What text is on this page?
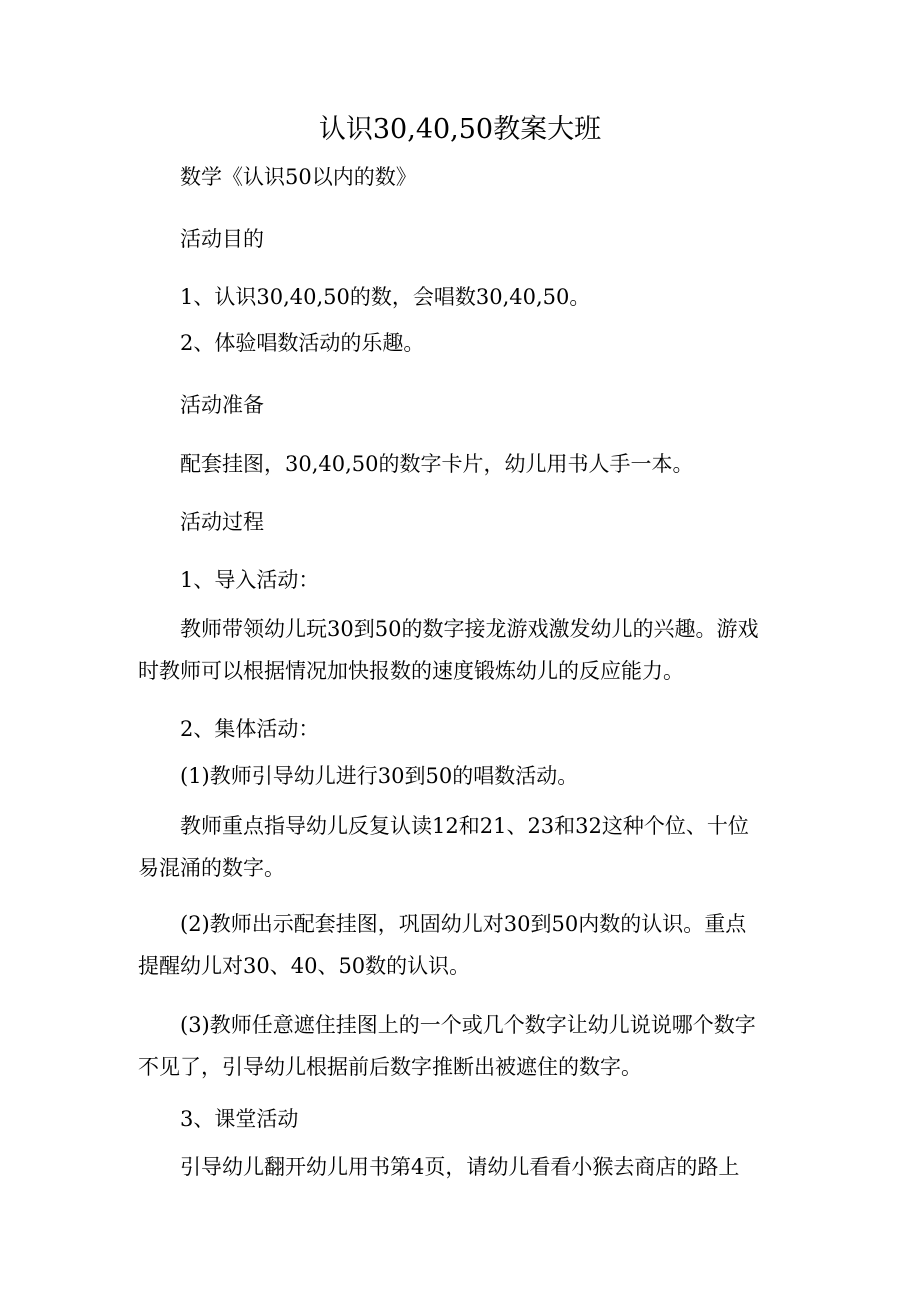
认识30,40,50教案大班
数学《认识50以内的数》
活动目的
1、认识30,40,50的数，会唱数30,40,50。
2、体验唱数活动的乐趣。
活动准备
配套挂图，30,40,50的数字卡片，幼儿用书人手一本。
活动过程
1、导入活动：
教师带领幼儿玩30到50的数字接龙游戏激发幼儿的兴趣。游戏
时教师可以根据情况加快报数的速度锻炼幼儿的反应能力。
2、集体活动：
(1)教师引导幼儿进行30到50的唱数活动。
教师重点指导幼儿反复认读12和21、23和32这种个位、十位
易混涌的数字。
(2)教师出示配套挂图，巩固幼儿对30到50内数的认识。重点
提醒幼儿对30、40、50数的认识。
(3)教师任意遮住挂图上的一个或几个数字让幼儿说说哪个数字
不见了，引导幼儿根据前后数字推断出被遮住的数字。
3、课堂活动
引导幼儿翻开幼儿用书第4页，请幼儿看看小猴去商店的路上
